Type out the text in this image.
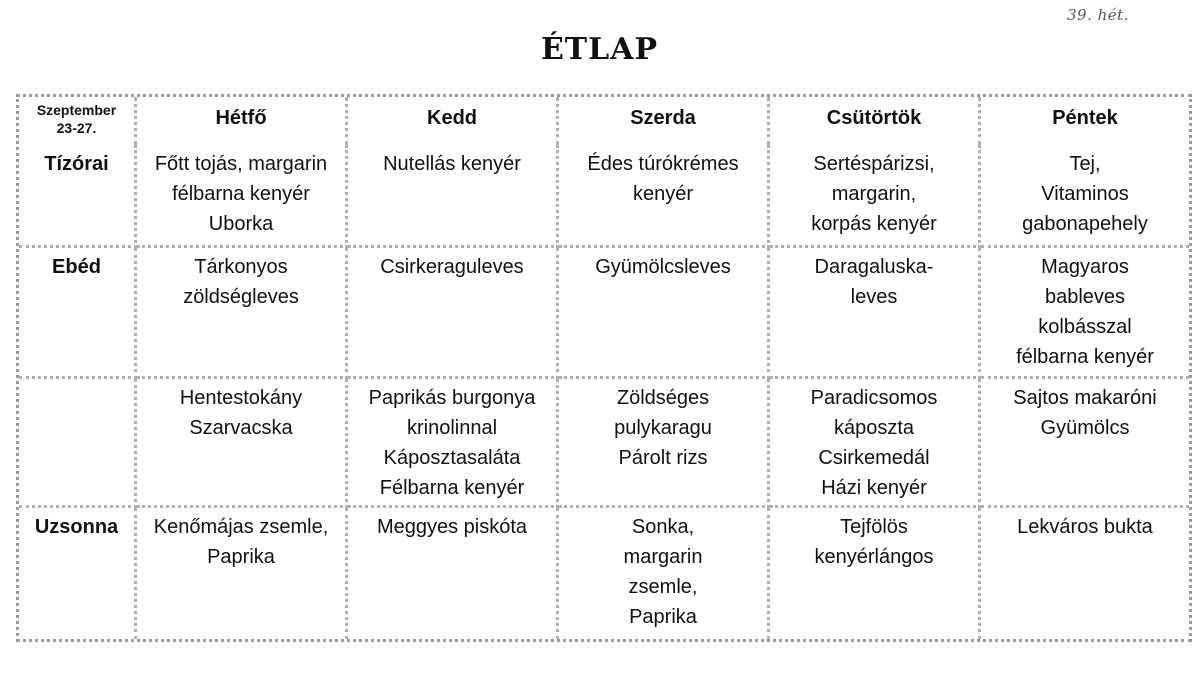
39. hét.
ÉTLAP
Szeptember
23-27.	Hétfő	Kedd	Szerda	Csütörtök	Péntek
Tízórai	Főtt tojás, margarin
félbarna kenyér
Uborka	Nutellás kenyér	Édes túrókrémes
kenyér	Sertéspárizsi,
margarin,
korpás kenyér	Tej,
Vitaminos
gabonapehely

Ebéd	Tárkonyos
zöldségleves	Csirkeraguleves	Gyümölcsleves	Daragaluska-
leves	Magyaros
bableves
kolbásszal
félbarna kenyér

	Hentestokány
Szarvacska	Paprikás burgonya
krinolinnal
Káposztasaláta
Félbarna kenyér	Zöldséges
pulykaragu
Párolt rizs	Paradicsomos
káposzta
Csirkemedál
Házi kenyér	Sajtos makaróni
Gyümölcs

Uzsonna	Kenőmájas zsemle,
Paprika	Meggyes piskóta	Sonka,
margarin
zsemle,
Paprika	Tejfölös
kenyérlángos	Lekváros bukta
